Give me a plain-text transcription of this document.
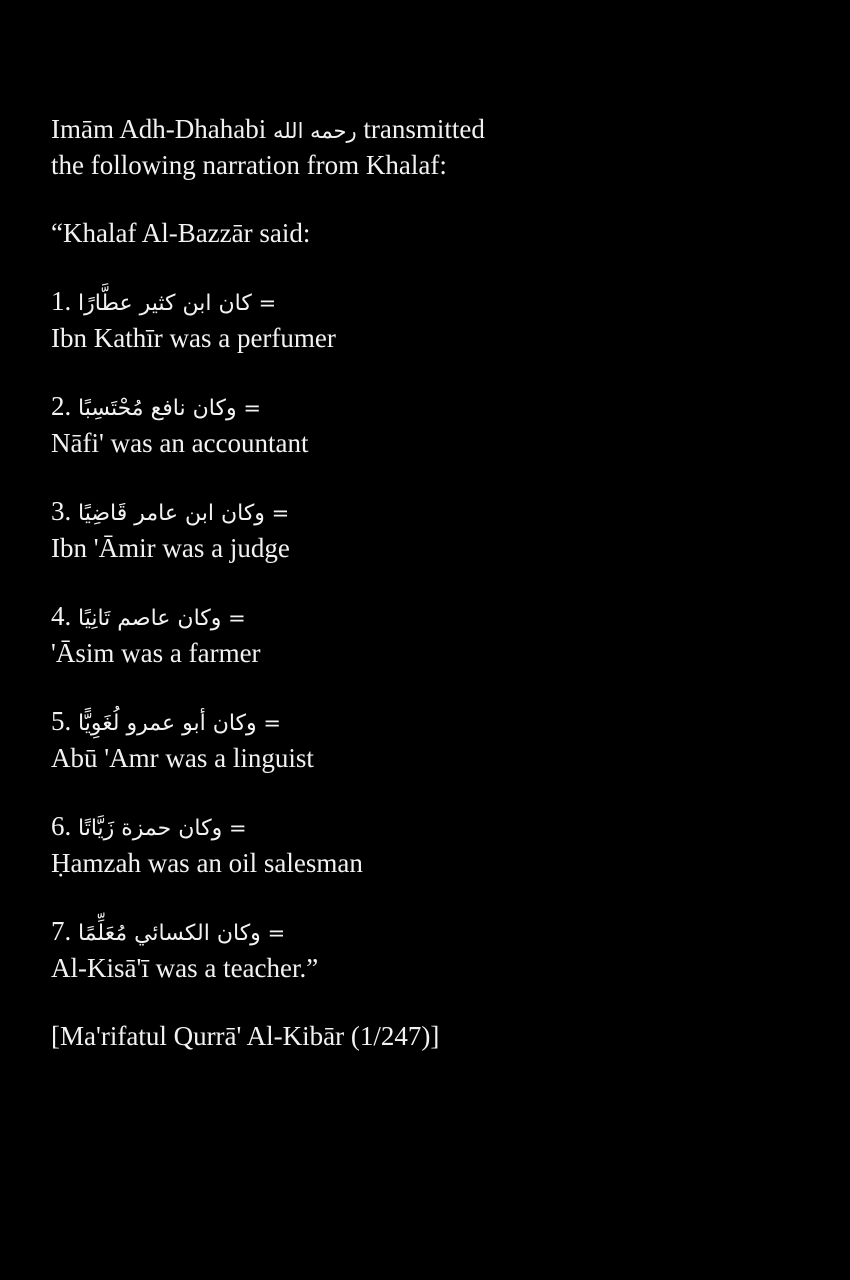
Imām Adh-Dhahabi رحمه الله transmitted
the following narration from Khalaf:
“Khalaf Al-Bazzār said:
1. كان ابن كثير عطَّارًا =
Ibn Kathīr was a perfumer
2. وكان نافع مُحْتَسِبًا =
Nāfi' was an accountant
3. وكان ابن عامر قَاضِيًا =
Ibn 'Āmir was a judge
4. وكان عاصم تَانِيًا =
'Āsim was a farmer
5. وكان أبو عمرو لُغَوِيًّا =
Abū 'Amr was a linguist
6. وكان حمزة زَيَّاتًا =
Ḥamzah was an oil salesman
7. وكان الكسائي مُعَلِّمًا =
Al-Kisā'ī was a teacher.”
[Ma'rifatul Qurrā' Al-Kibār (1/247)]
